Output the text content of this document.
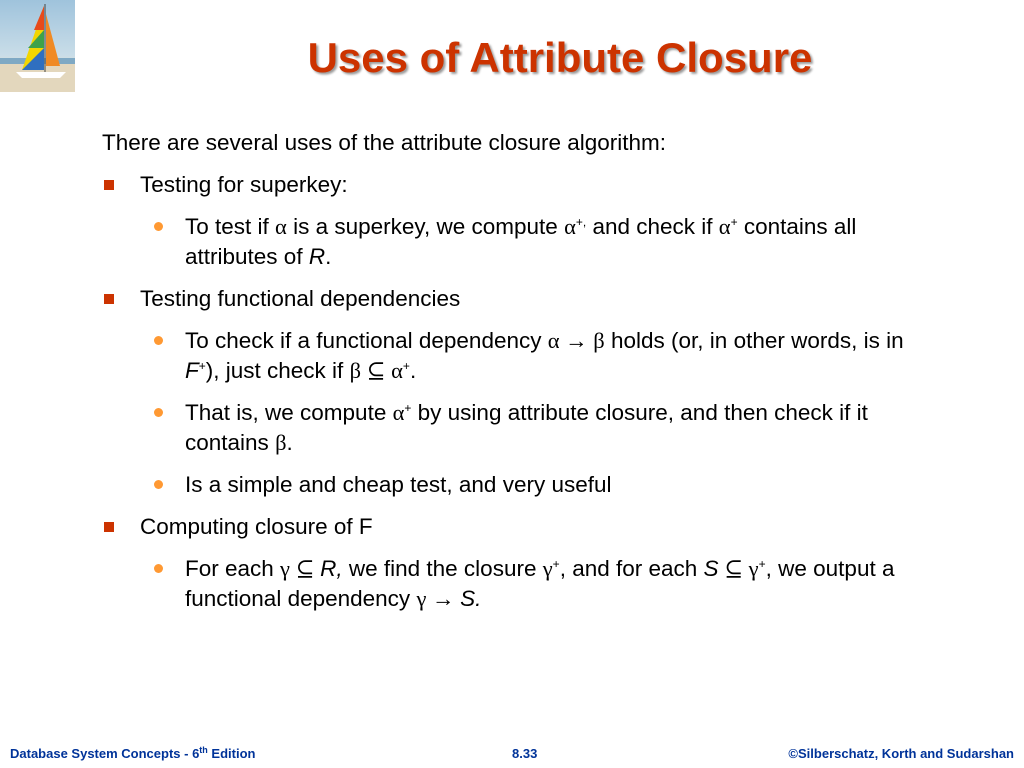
Uses of Attribute Closure
There are several uses of the attribute closure algorithm:
Testing for superkey:
To test if α is a superkey, we compute α+, and check if α+ contains all attributes of R.
Testing functional dependencies
To check if a functional dependency α → β holds (or, in other words, is in F+), just check if β ⊆ α+.
That is, we compute α+ by using attribute closure, and then check if it contains β.
Is a simple and cheap test, and very useful
Computing closure of F
For each γ ⊆ R, we find the closure γ+, and for each S ⊆ γ+, we output a functional dependency γ → S.
Database System Concepts - 6th Edition	8.33	©Silberschatz, Korth and Sudarshan
